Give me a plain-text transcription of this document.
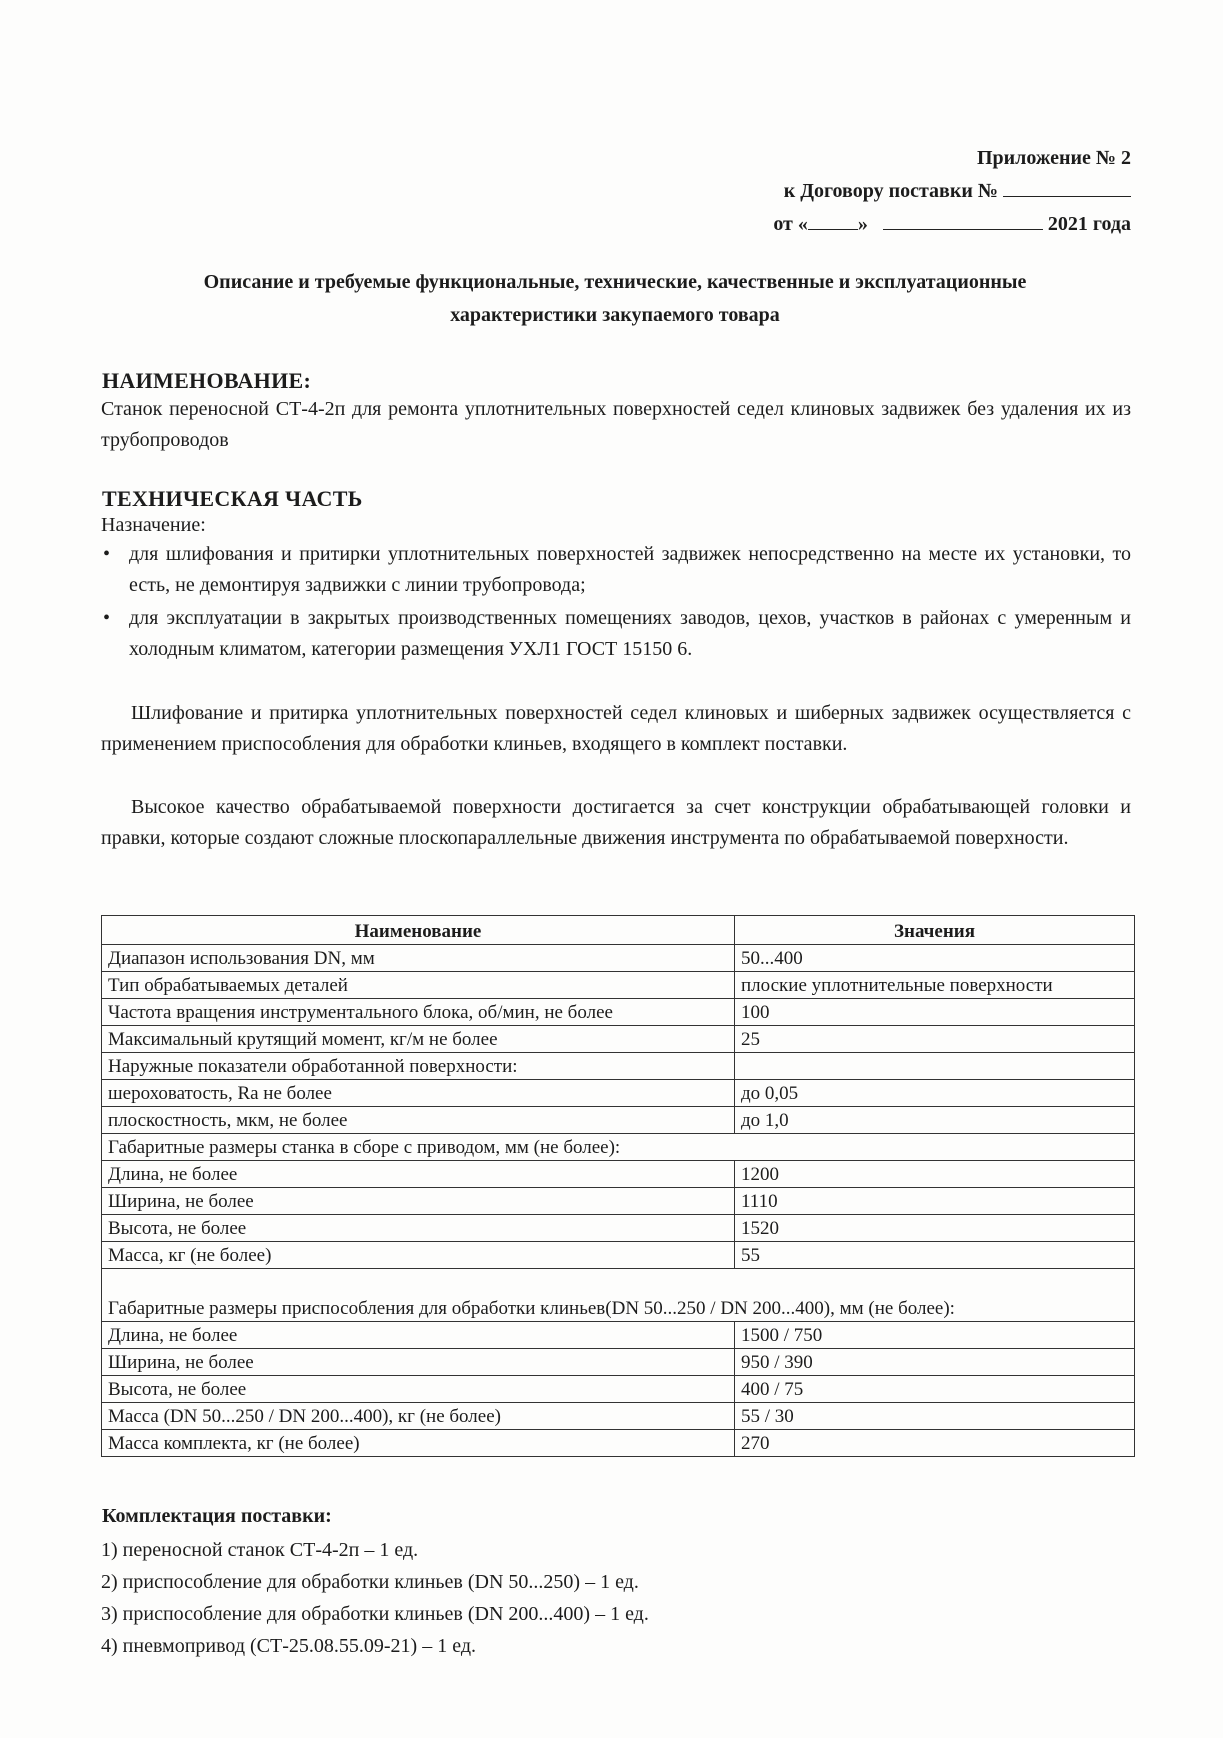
Приложение № 2
к Договору поставки №
от «	»	2021 года
Описание и требуемые функциональные, технические, качественные и эксплуатационные
характеристики закупаемого товара
НАИМЕНОВАНИЕ:
Станок переносной СТ-4-2п для ремонта уплотнительных поверхностей седел клиновых задвижек без удаления их из трубопроводов
ТЕХНИЧЕСКАЯ ЧАСТЬ
Назначение:
• для шлифования и притирки уплотнительных поверхностей задвижек непосредственно на месте их установки, то есть, не демонтируя задвижки с линии трубопровода;
• для эксплуатации в закрытых производственных помещениях заводов, цехов, участков в районах с умеренным и холодным климатом, категории размещения УХЛ1 ГОСТ 15150 6.
Шлифование и притирка уплотнительных поверхностей седел клиновых и шиберных задвижек осуществляется с применением приспособления для обработки клиньев, входящего в комплект поставки.
Высокое качество обрабатываемой поверхности достигается за счет конструкции обрабатывающей головки и правки, которые создают сложные плоскопараллельные движения инструмента по обрабатываемой поверхности.
Наименование	Значения
Диапазон использования DN, мм	50...400
Тип обрабатываемых деталей	плоские уплотнительные поверхности
Частота вращения инструментального блока, об/мин, не более	100
Максимальный крутящий момент, кг/м не более	25
Наружные показатели обработанной поверхности:	
шероховатость, Ra не более	до 0,05
плоскостность, мкм, не более	до 1,0
Габаритные размеры станка в сборе с приводом, мм (не более):	
Длина, не более	1200
Ширина, не более	1110
Высота, не более	1520
Масса, кг (не более)	55
Габаритные размеры приспособления для обработки клиньев(DN 50...250 / DN 200...400), мм (не более):	
Длина, не более	1500 / 750
Ширина, не более	950 / 390
Высота, не более	400 / 75
Масса (DN 50...250 / DN 200...400), кг (не более)	55 / 30
Масса комплекта, кг (не более)	270
Комплектация поставки:
1) переносной станок СТ-4-2п – 1 ед.
2) приспособление для обработки клиньев (DN 50...250) – 1 ед.
3) приспособление для обработки клиньев (DN 200...400) – 1 ед.
4) пневмопривод (СТ-25.08.55.09-21) – 1 ед.
